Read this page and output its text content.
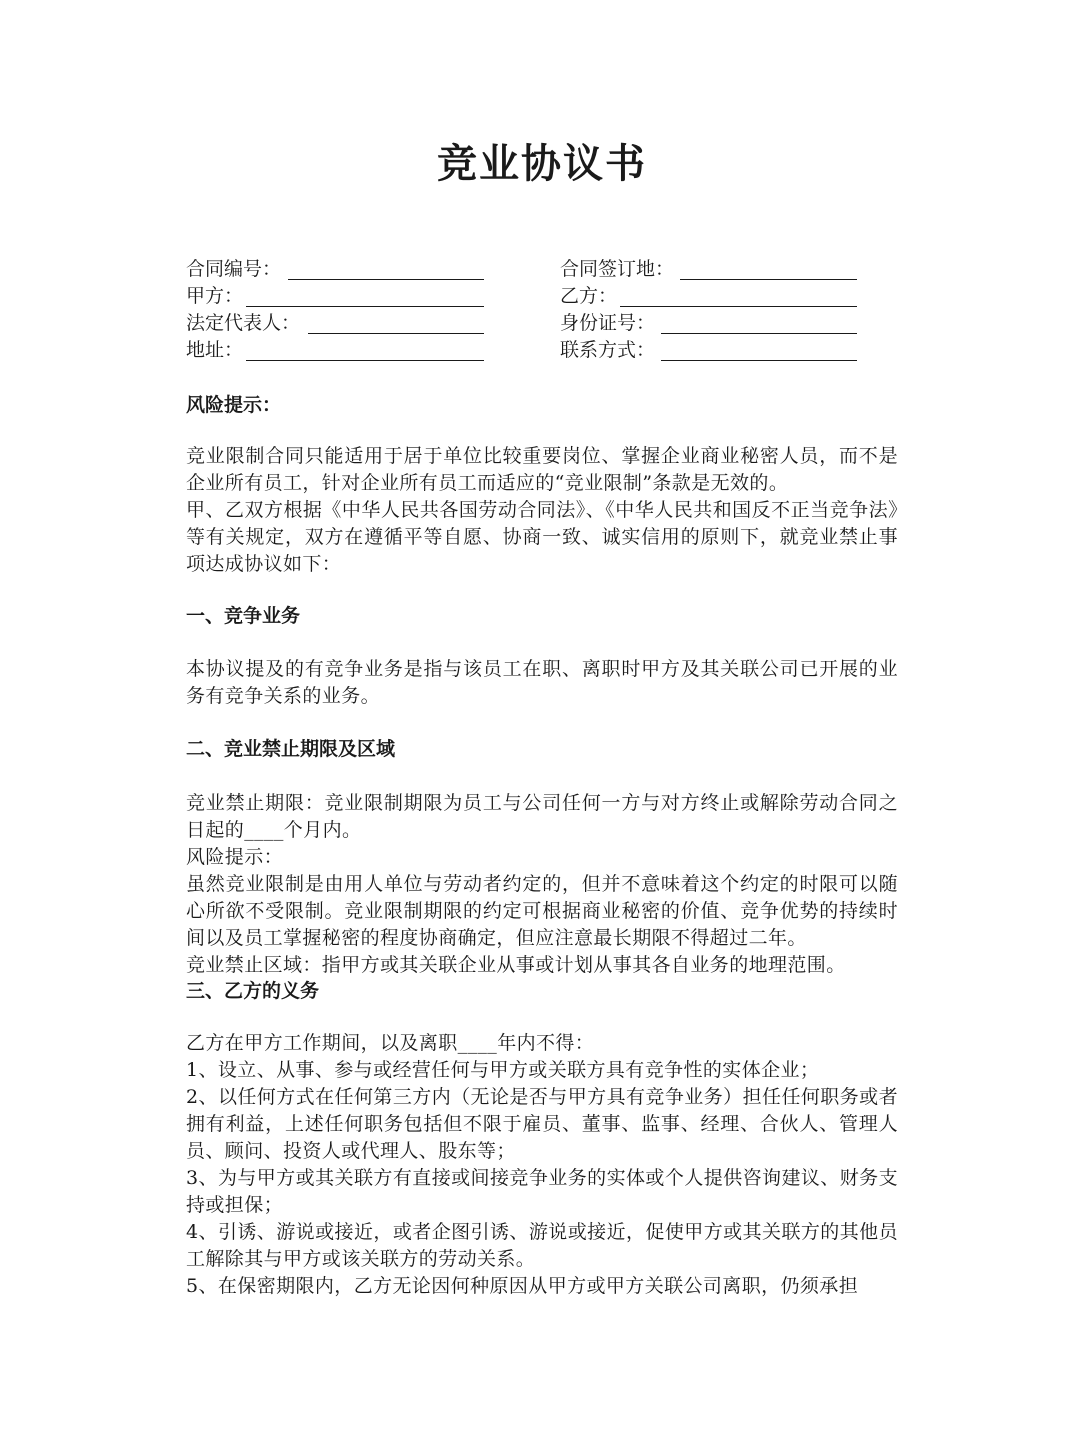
竞业协议书
合同编号：	合同签订地：
甲方：	乙方：
法定代表人：	身份证号：
地址：	联系方式：
风险提示：

竞业限制合同只能适用于居于单位比较重要岗位、掌握企业商业秘密人员，而不是企业所有员工，针对企业所有员工而适应的“竞业限制”条款是无效的。

甲、乙双方根据《中华人民共各国劳动合同法》、《中华人民共和国反不正当竞争法》等有关规定，双方在遵循平等自愿、协商一致、诚实信用的原则下，就竞业禁止事项达成协议如下：

一、竞争业务

本协议提及的有竞争业务是指与该员工在职、离职时甲方及其关联公司已开展的业务有竞争关系的业务。

二、竞业禁止期限及区域

竞业禁止期限：竞业限制期限为员工与公司任何一方与对方终止或解除劳动合同之日起的____个月内。

风险提示：

虽然竞业限制是由用人单位与劳动者约定的，但并不意味着这个约定的时限可以随心所欲不受限制。竞业限制期限的约定可根据商业秘密的价值、竞争优势的持续时间以及员工掌握秘密的程度协商确定，但应注意最长期限不得超过二年。

竞业禁止区域：指甲方或其关联企业从事或计划从事其各自业务的地理范围。

三、乙方的义务

乙方在甲方工作期间，以及离职____年内不得：

1、设立、从事、参与或经营任何与甲方或关联方具有竞争性的实体企业；

2、以任何方式在任何第三方内（无论是否与甲方具有竞争业务）担任任何职务或者拥有利益，上述任何职务包括但不限于雇员、董事、监事、经理、合伙人、管理人员、顾问、投资人或代理人、股东等；

3、为与甲方或其关联方有直接或间接竞争业务的实体或个人提供咨询建议、财务支持或担保；

4、引诱、游说或接近，或者企图引诱、游说或接近，促使甲方或其关联方的其他员工解除其与甲方或该关联方的劳动关系。

5、在保密期限内，乙方无论因何种原因从甲方或甲方关联公司离职，仍须承担
